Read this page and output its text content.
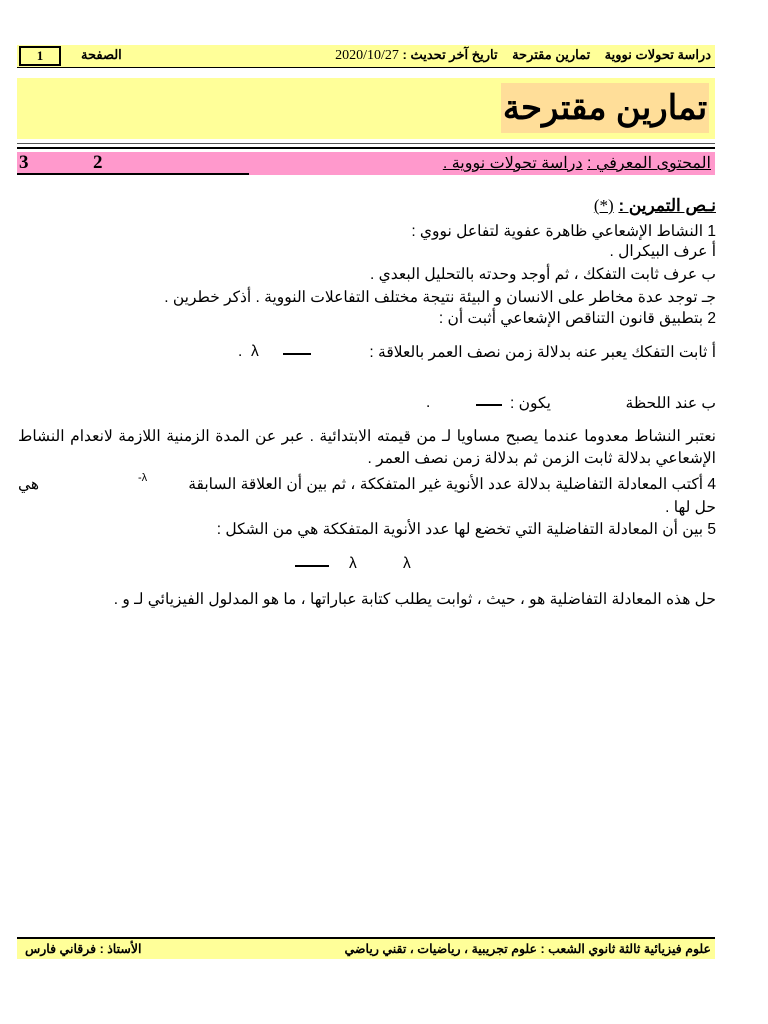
دراسة تحولات نووية    تمارين مقترحة    تاريخ آخر تحديث : 2020/10/27
الصفحة
1
تمارين مقترحة
المحتوى المعرفي : دراسة تحولات نووية .
2
3
نـص التمرين : (*)
1 النشاط الإشعاعي ظاهرة عفوية لتفاعل نووي :
أ عرف البيكرال .
ب عرف ثابت التفكك ، ثم أوجد وحدته بالتحليل البعدي .
جـ توجد عدة مخاطر على الانسان و البيئة نتيجة مختلف التفاعلات النووية . أذكر خطرين .
2 بتطبيق قانون التناقص الإشعاعي أثبت أن :
أ ثابت التفكك يعبر عنه بدلالة زمن نصف العمر بالعلاقة :
λ
.
ب عند اللحظة
يكون :
.
نعتبر النشاط معدوما عندما يصبح مساويا لـ من قيمته الابتدائية . عبر عن المدة الزمنية اللازمة لانعدام النشاط الإشعاعي بدلالة ثابت الزمن ثم بدلالة زمن نصف العمر .
4 أكتب المعادلة التفاضلية بدلالة عدد الأنوية غير المتفككة ، ثم بين أن العلاقة السابقة
-λ
هي
حل لها .
5 بين أن المعادلة التفاضلية التي تخضع لها عدد الأنوية المتفككة هي من الشكل :
λ	λ
حل هذه المعادلة التفاضلية هو ، حيث ، ثوابت يطلب كتابة عباراتها ، ما هو المدلول الفيزيائي لـ و .
علوم فيزيائية ثالثة ثانوي الشعب : علوم تجريبية ، رياضيات ، تقني رياضي
الأستاذ : فرقاني فارس
